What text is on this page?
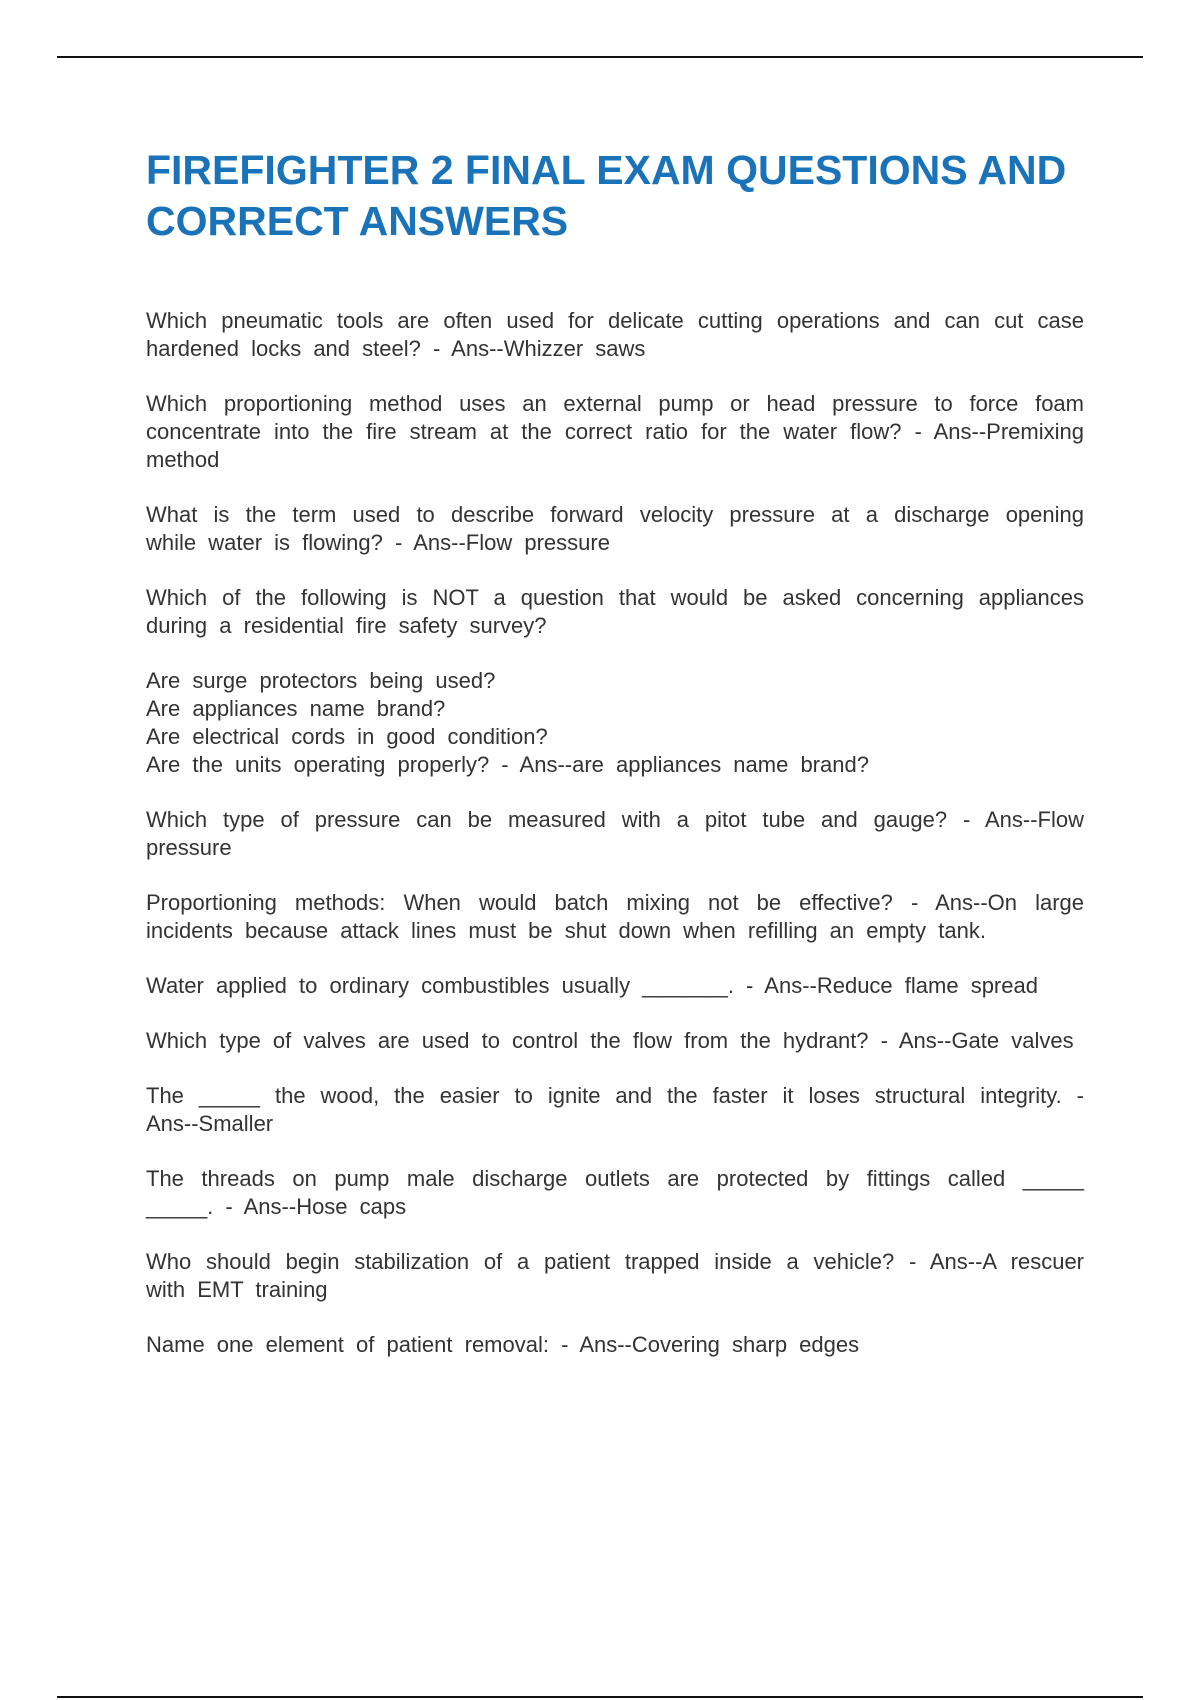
FIREFIGHTER 2 FINAL EXAM QUESTIONS AND CORRECT ANSWERS
Which pneumatic tools are often used for delicate cutting operations and can cut case hardened locks and steel? - Ans--Whizzer saws
Which proportioning method uses an external pump or head pressure to force foam concentrate into the fire stream at the correct ratio for the water flow? - Ans--Premixing method
What is the term used to describe forward velocity pressure at a discharge opening while water is flowing? - Ans--Flow pressure
Which of the following is NOT a question that would be asked concerning appliances during a residential fire safety survey?
Are surge protectors being used?
Are appliances name brand?
Are electrical cords in good condition?
Are the units operating properly? - Ans--are appliances name brand?
Which type of pressure can be measured with a pitot tube and gauge? - Ans--Flow pressure
Proportioning methods: When would batch mixing not be effective? - Ans--On large incidents because attack lines must be shut down when refilling an empty tank.
Water applied to ordinary combustibles usually _______. - Ans--Reduce flame spread
Which type of valves are used to control the flow from the hydrant? - Ans--Gate valves
The _____ the wood, the easier to ignite and the faster it loses structural integrity. - Ans--Smaller
The threads on pump male discharge outlets are protected by fittings called _____ _____. - Ans--Hose caps
Who should begin stabilization of a patient trapped inside a vehicle? - Ans--A rescuer with EMT training
Name one element of patient removal: - Ans--Covering sharp edges
